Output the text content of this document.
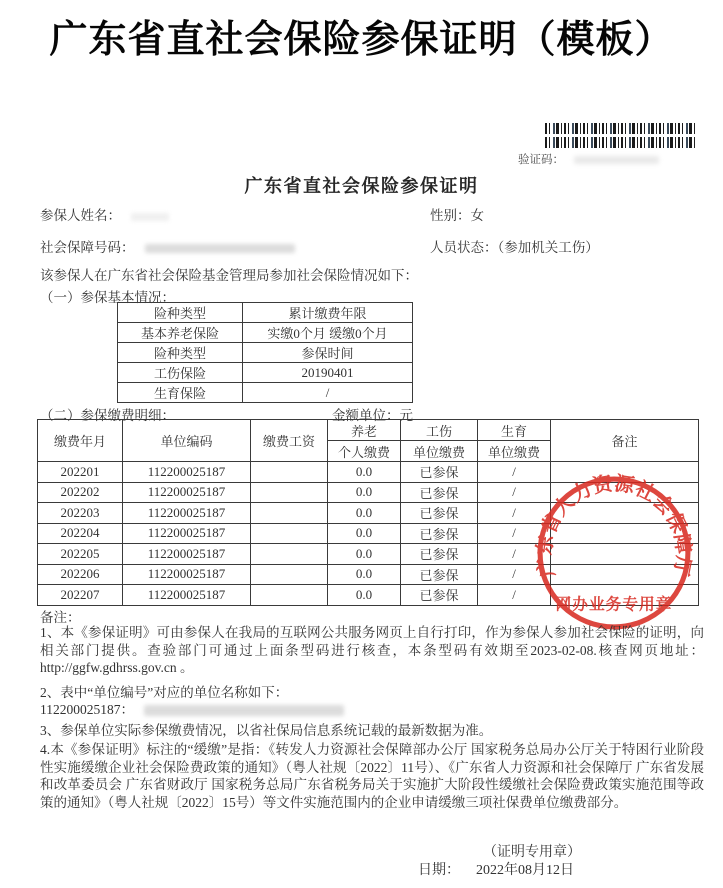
广东省直社会保险参保证明（模板）
验证码：
广东省直社会保险参保证明
参保人姓名：	性别：女
社会保障号码：	人员状态：（参加机关工伤）
该参保人在广东省社会保险基金管理局参加社会保险情况如下：
（一）参保基本情况：
险种类型	累计缴费年限
基本养老保险	实缴0个月 缓缴0个月
险种类型	参保时间
工伤保险	20190401
生育保险	/
（二）参保缴费明细：	金额单位：元
缴费年月	单位编码	缴费工资	养老	工伤	生育	备注
			个人缴费	单位缴费	单位缴费	
202201	112200025187		0.0	已参保	/	
202202	112200025187		0.0	已参保	/	
202203	112200025187		0.0	已参保	/	
202204	112200025187		0.0	已参保	/	
202205	112200025187		0.0	已参保	/	
202206	112200025187		0.0	已参保	/	
202207	112200025187		0.0	已参保	/	
广东省人力资源社会保障厅
网办业务专用章
备注：
1、本《参保证明》可由参保人在我局的互联网公共服务网页上自行打印，作为参保人参加社会保险的证明，向相关部门提供。查验部门可通过上面条型码进行核查，本条型码有效期至2023-02-08.核查网页地址：http://ggfw.gdhrss.gov.cn 。
2、表中“单位编号”对应的单位名称如下：
112200025187：
3、参保单位实际参保缴费情况，以省社保局信息系统记载的最新数据为准。
4.本《参保证明》标注的“缓缴”是指：《转发人力资源社会保障部办公厅 国家税务总局办公厅关于特困行业阶段性实施缓缴企业社会保险费政策的通知》（粤人社规〔2022〕11号）、《广东省人力资源和社会保障厅 广东省发展和改革委员会 广东省财政厅 国家税务总局广东省税务局关于实施扩大阶段性缓缴社会保险费政策实施范围等政策的通知》（粤人社规〔2022〕15号）等文件实施范围内的企业申请缓缴三项社保费单位缴费部分。
（证明专用章）
日期： 2022年08月12日
